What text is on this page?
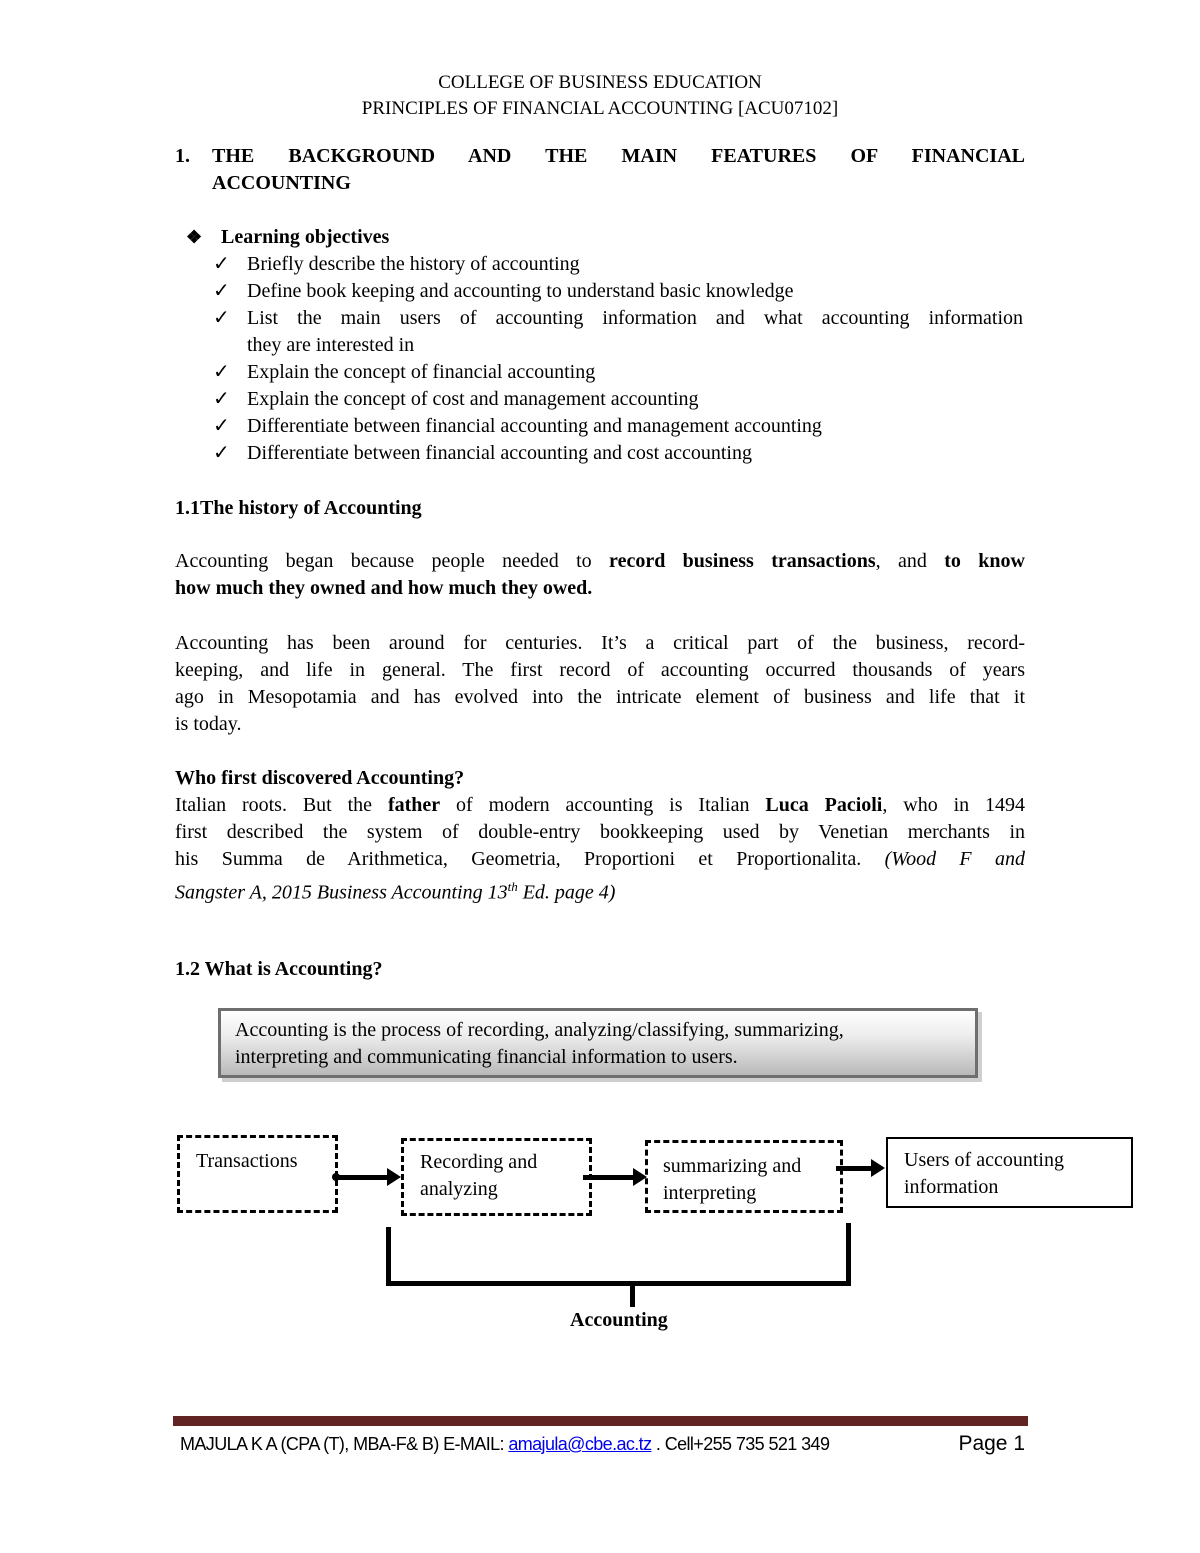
COLLEGE OF BUSINESS EDUCATION
PRINCIPLES OF FINANCIAL ACCOUNTING [ACU07102]
1. THE BACKGROUND AND THE MAIN FEATURES OF FINANCIAL
ACCOUNTING
❖ Learning objectives
✓ Briefly describe the history of accounting
✓ Define book keeping and accounting to understand basic knowledge
✓ List the main users of accounting information and what accounting information
they are interested in
✓ Explain the concept of financial accounting
✓ Explain the concept of cost and management accounting
✓ Differentiate between financial accounting and management accounting
✓ Differentiate between financial accounting and cost accounting
1.1The history of Accounting
Accounting began because people needed to record business transactions, and to know
how much they owned and how much they owed.
Accounting has been around for centuries. It’s a critical part of the business, record-
keeping, and life in general. The first record of accounting occurred thousands of years
ago in Mesopotamia and has evolved into the intricate element of business and life that it
is today.
Who first discovered Accounting?
Italian roots. But the father of modern accounting is Italian Luca Pacioli, who in 1494
first described the system of double-entry bookkeeping used by Venetian merchants in
his Summa de Arithmetica, Geometria, Proportioni et Proportionalita. (Wood F and
Sangster A, 2015 Business Accounting 13th Ed. page 4)
1.2 What is Accounting?
Accounting is the process of recording, analyzing/classifying, summarizing,
interpreting and communicating financial information to users.
Transactions	Recording and
analyzing
summarizing and
interpreting
Users of accounting
information
Accounting
MAJULA K A (CPA (T), MBA-F& B) E-MAIL: amajula@cbe.ac.tz . Cell+255 735 521 349	Page 1
